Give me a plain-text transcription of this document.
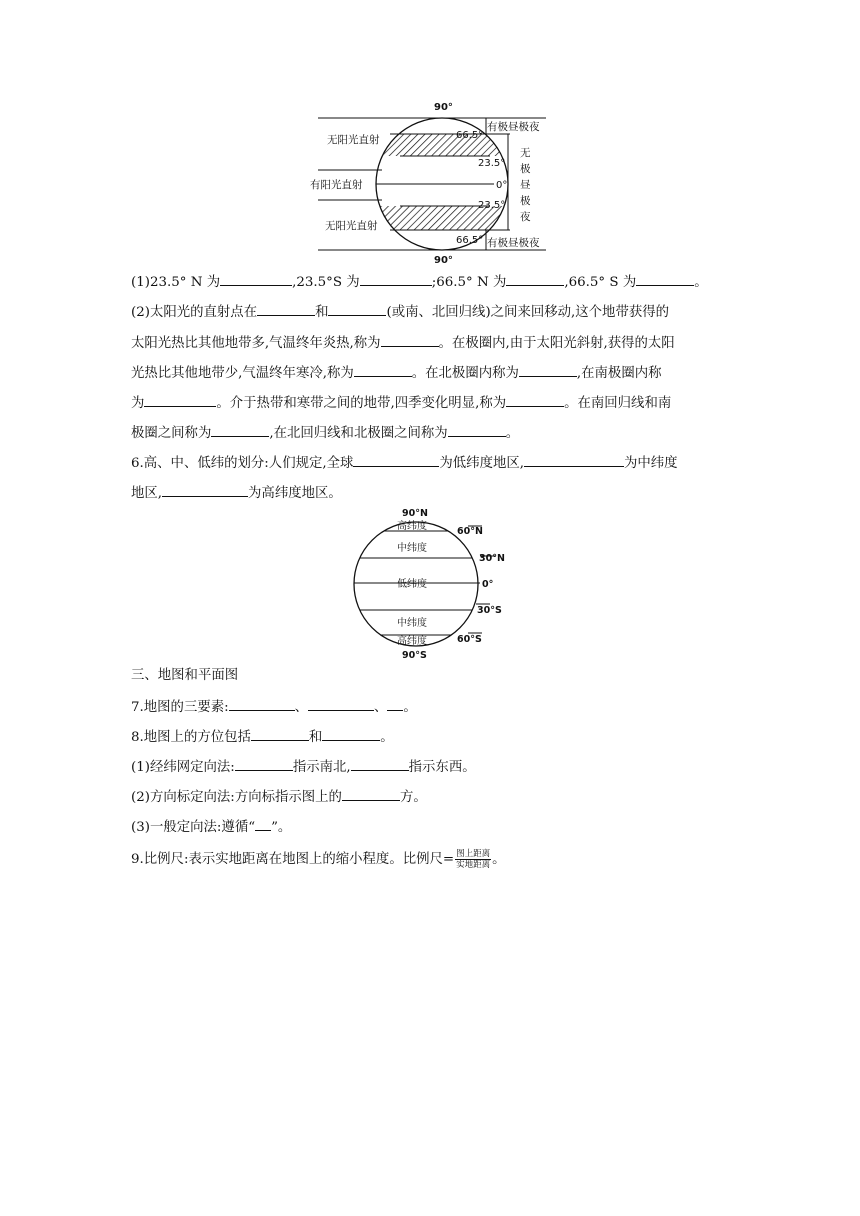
90°
90°
无阳光直射
有阳光直射
无阳光直射
66.5°
23.5°
0°
23.5°
66.5°
有极昼极夜
有极昼极夜
无
极
昼
极
夜
(1)23.5° N 为	,23.5°S 为	;66.5° N 为	,66.5° S 为	。
(2)太阳光的直射点在	和	(或南、北回归线)之间来回移动,这个地带获得的
太阳光热比其他地带多,气温终年炎热,称为	。在极圈内,由于太阳光斜射,获得的太阳
光热比其他地带少,气温终年寒冷,称为	。在北极圈内称为	,在南极圈内称
为	。介于热带和寒带之间的地带,四季变化明显,称为	。在南回归线和南
极圈之间称为	,在北回归线和北极圈之间称为	。
6.高、中、低纬的划分:人们规定,全球	为低纬度地区,	为中纬度
地区,	为高纬度地区。
90°N
90°S
高纬度
中纬度
低纬度
中纬度
高纬度
60°N
30°N
0°
30°S
60°S
三、地图和平面图
7.地图的三要素:	、	、 。
8.地图上的方位包括	和	。
(1)经纬网定向法:	指示南北,	指示东西。
(2)方向标定向法:方向标指示图上的	方。
(3)一般定向法:遵循“ ”。
9.比例尺:表示实地距离在地图上的缩小程度。比例尺= $\frac{\text{图上距离}}{\text{实地距离}}$ 。
